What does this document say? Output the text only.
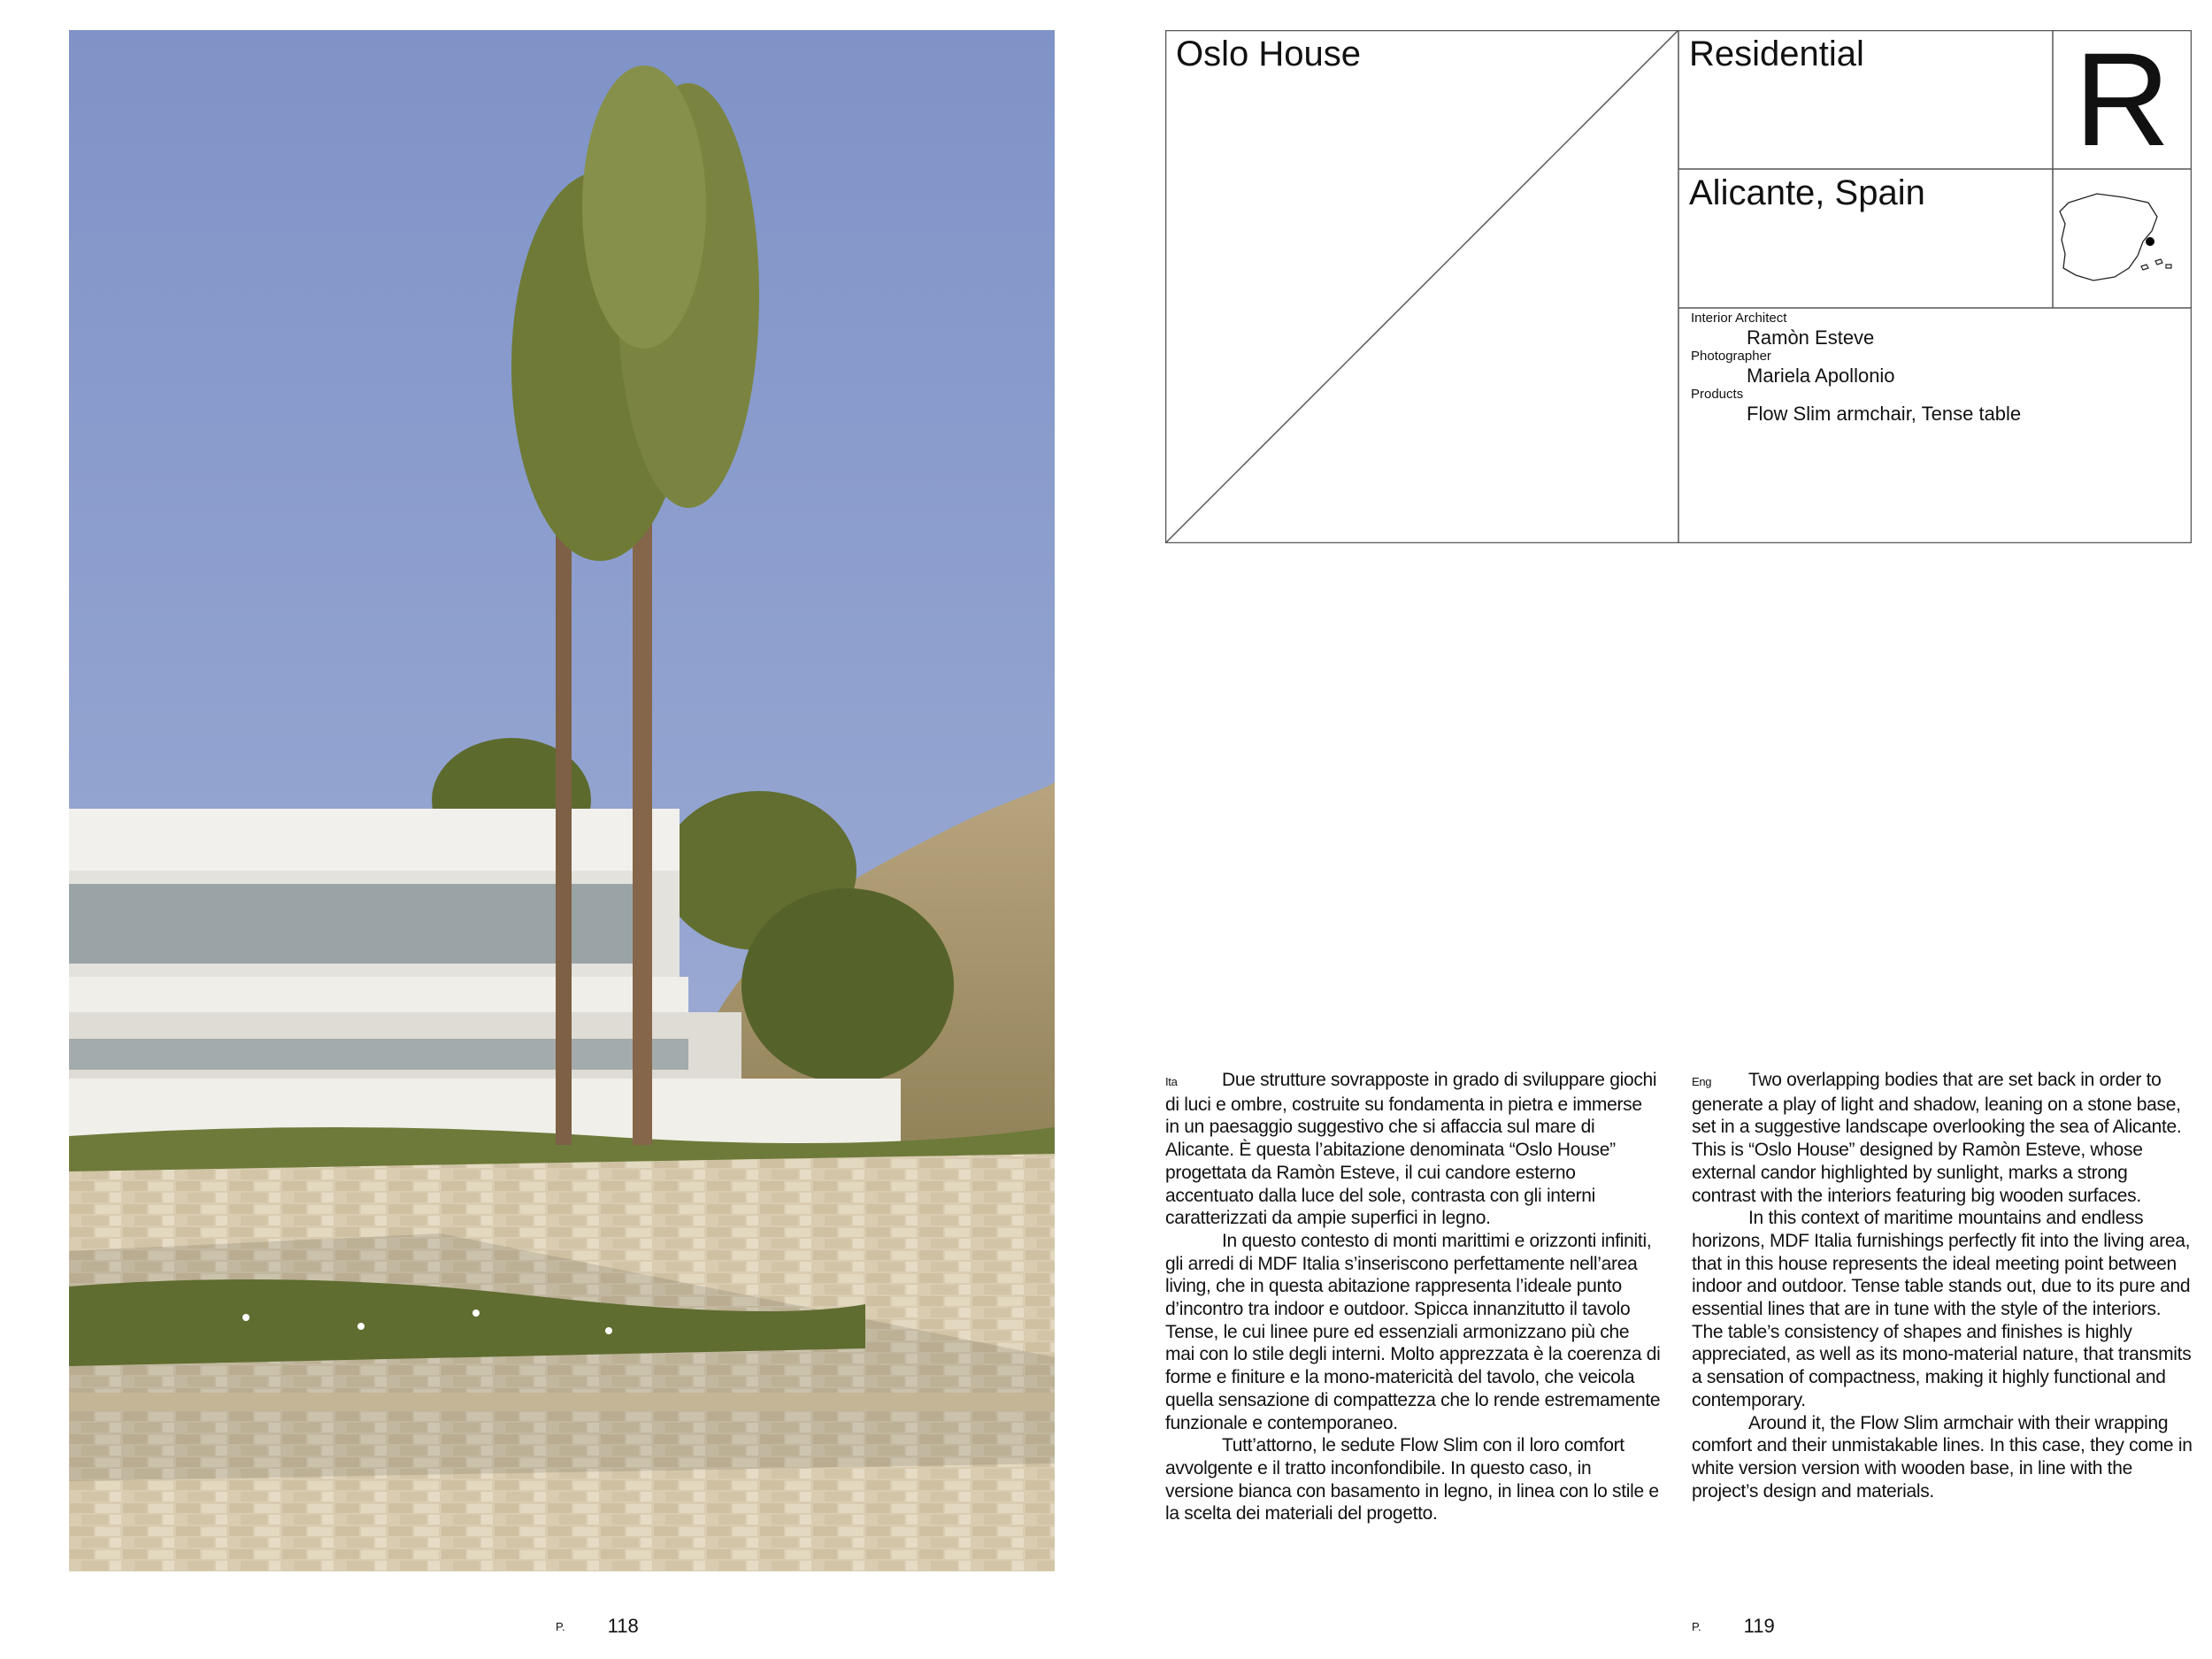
P. 118
Oslo House	Residential R
Alicante, Spain
Interior Architect
Ramòn Esteve
Photographer
Mariela Apollonio
Products
Flow Slim armchair, Tense table

Ita Due strutture sovrapposte in grado di sviluppare giochi di luci e ombre, costruite su fondamenta in pietra e immerse in un paesaggio suggestivo che si affaccia sul mare di Alicante. È questa l’abitazione denominata “Oslo House” progettata da Ramòn Esteve, il cui candore esterno accentuato dalla luce del sole, contrasta con gli interni caratterizzati da ampie superfici in legno.

In questo contesto di monti marittimi e orizzonti infiniti, gli arredi di MDF Italia s’inseriscono perfettamente nell’area living, che in questa abitazione rappresenta l’ideale punto d’incontro tra indoor e outdoor. Spicca innanzitutto il tavolo Tense, le cui linee pure ed essenziali armonizzano più che mai con lo stile degli interni. Molto apprezzata è la coerenza di forme e finiture e la mono-matericità del tavolo, che veicola quella sensazione di compattezza che lo rende estremamente funzionale e contemporaneo.

Tutt’attorno, le sedute Flow Slim con il loro comfort avvolgente e il tratto inconfondibile. In questo caso, in versione bianca con basamento in legno, in linea con lo stile e la scelta dei materiali del progetto.

Eng Two overlapping bodies that are set back in order to generate a play of light and shadow, leaning on a stone base, set in a suggestive landscape overlooking the sea of Alicante. This is “Oslo House” designed by Ramòn Esteve, whose external candor highlighted by sunlight, marks a strong contrast with the interiors featuring big wooden surfaces.

In this context of maritime mountains and endless horizons, MDF Italia furnishings perfectly fit into the living area, that in this house represents the ideal meeting point between indoor and outdoor. Tense table stands out, due to its pure and essential lines that are in tune with the style of the interiors. The table’s consistency of shapes and finishes is highly appreciated, as well as its mono-material nature, that transmits a sensation of compactness, making it highly functional and contemporary.

Around it, the Flow Slim armchair with their wrapping comfort and their unmistakable lines. In this case, they come in white version version with wooden base, in line with the project’s design and materials.

P. 119
